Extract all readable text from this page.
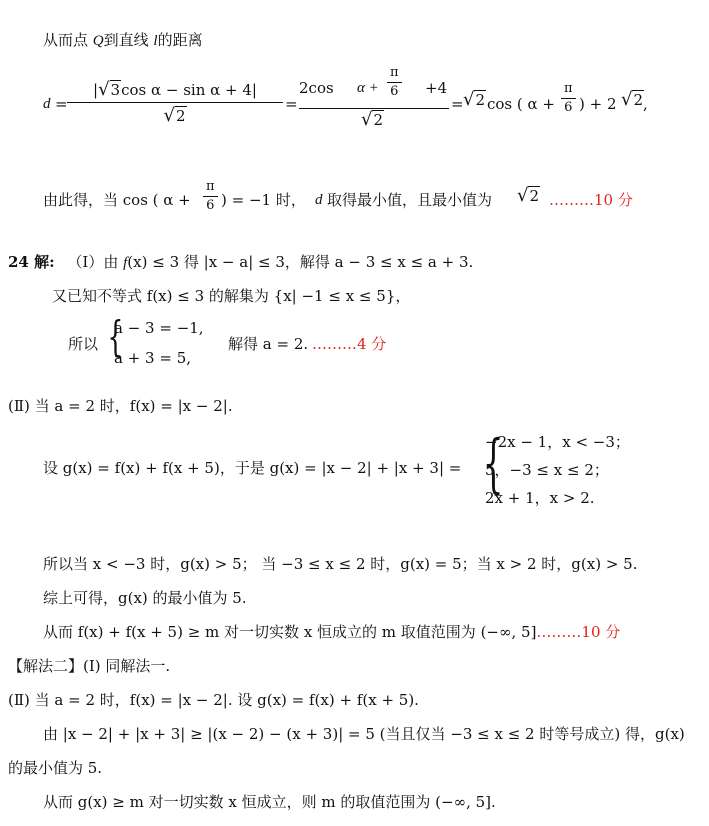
从而点 Q到直线 l的距离
d =
|√3cos α − sin α + 4|
√2
=
2cos $\alpha + \frac{\pi}{6} +4$
√2
= √2 cos ( $\alpha + \frac{\pi}{6}$ ) + 2 √2 ,
由此得，当 cos ( $\alpha + \frac{\pi}{6}$ ) = −1 时， d 取得最小值，且最小值为 √2 ………10 分
24 解: （Ⅰ）由 f(x) ≤ 3 得 |x − a| ≤ 3，解得 a − 3 ≤ x ≤ a + 3.
又已知不等式 f(x) ≤ 3 的解集为 {x| −1 ≤ x ≤ 5}，
所以 {
a − 3 = −1,
a + 3 = 5,
解得 a = 2. ………4 分
(Ⅱ) 当 a = 2 时，f(x) = |x − 2|.
设 g(x) = f(x) + f(x + 5)，于是 g(x) = |x − 2| + |x + 3| = {
−2x − 1，x < −3；
5，−3 ≤ x ≤ 2；
2x + 1，x > 2.
所以当 x < −3 时，g(x) > 5； 当 −3 ≤ x ≤ 2 时，g(x) = 5；当 x > 2 时，g(x) > 5.
综上可得，g(x) 的最小值为 5.
从而 f(x) + f(x + 5) ≥ m 对一切实数 x 恒成立的 m 取值范围为 (−∞, 5]………10 分
【解法二】(Ⅰ) 同解法一.
(Ⅱ) 当 a = 2 时，f(x) = |x − 2|. 设 g(x) = f(x) + f(x + 5).
由 |x − 2| + |x + 3| ≥ |(x − 2) − (x + 3)| = 5 (当且仅当 −3 ≤ x ≤ 2 时等号成立) 得，g(x)
的最小值为 5.
从而 g(x) ≥ m 对一切实数 x 恒成立，则 m 的取值范围为 (−∞, 5].
